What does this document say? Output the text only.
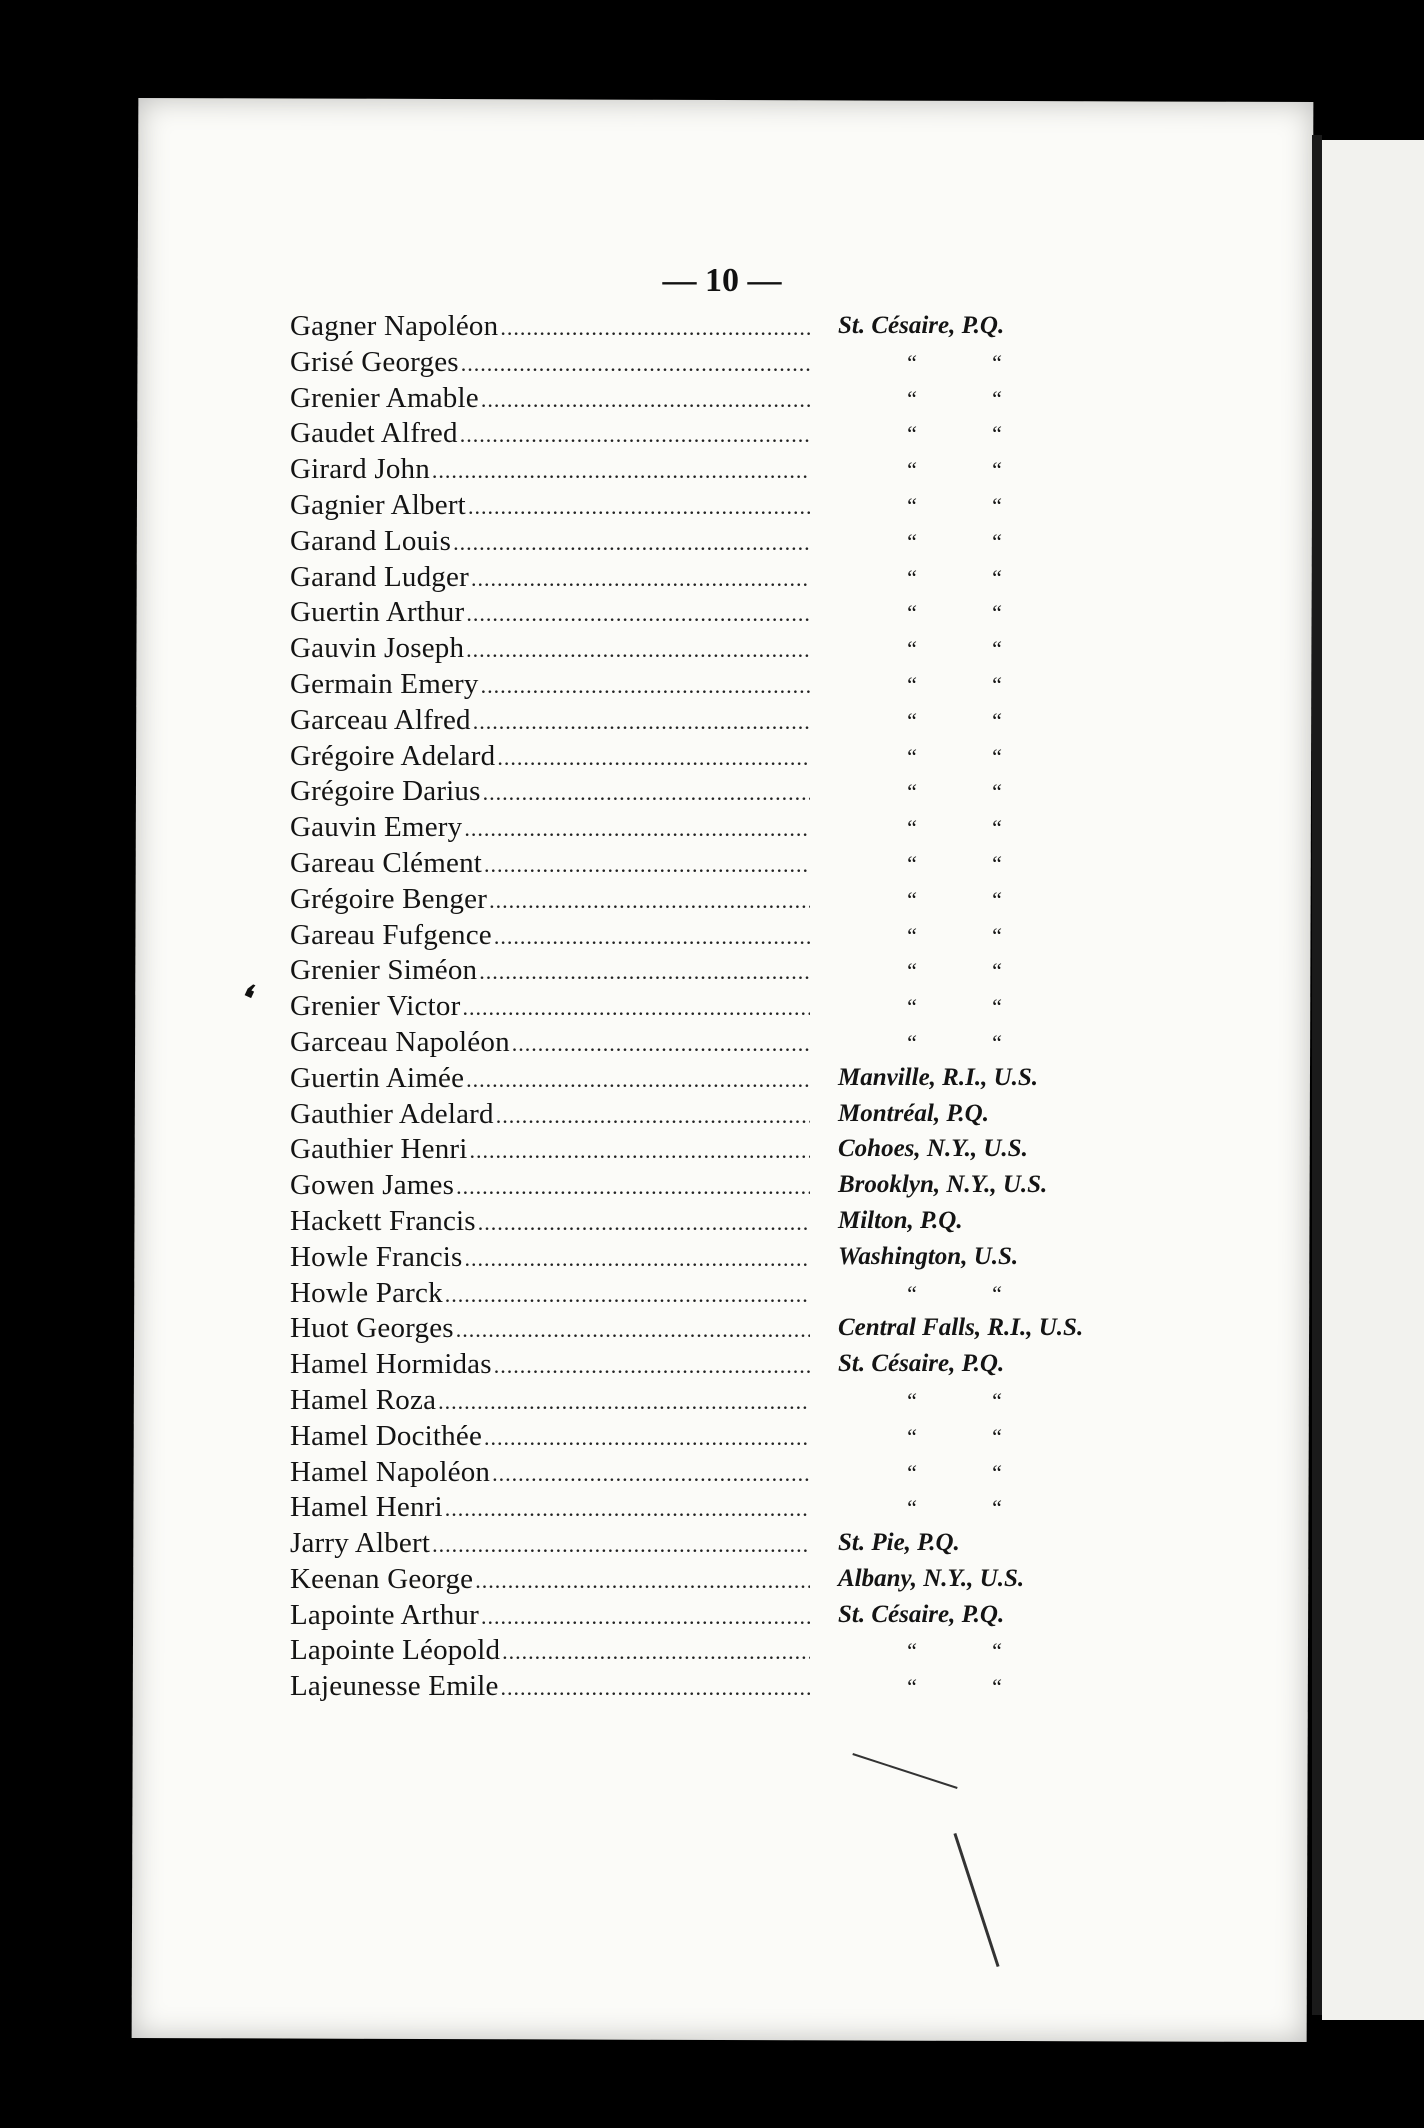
— 10 —
Gagner Napoléon .....	St. Césaire, P.Q.
Grisé Georges .....	“	“
Grenier Amable .....	“	“
Gaudet Alfred .....	“	“
Girard John .....	“	“
Gagnier Albert .....	“	“
Garand Louis .....	“	“
Garand Ludger .....	“	“
Guertin Arthur .....	“	“
Gauvin Joseph .....	“	“
Germain Emery .....	“	“
Garceau Alfred .....	“	“
Grégoire Adelard .....	“	“
Grégoire Darius .....	“	“
Gauvin Emery .....	“	“
Gareau Clément .....	“	“
Grégoire Benger .....	“	“
Gareau Fufgence .....	“	“
Grenier Siméon .....	“	“
Grenier Victor .....	“	“
Garceau Napoléon .....	“	“
Guertin Aimée .....	Manville, R.I., U.S.
Gauthier Adelard .....	Montréal, P.Q.
Gauthier Henri .....	Cohoes, N.Y., U.S.
Gowen James .....	Brooklyn, N.Y., U.S.
Hackett Francis .....	Milton, P.Q.
Howle Francis .....	Washington, U.S.
Howle Parck .....	“	“
Huot Georges .....	Central Falls, R.I., U.S.
Hamel Hormidas .....	St. Césaire, P.Q.
Hamel Roza .....	“	“
Hamel Docithée .....	“	“
Hamel Napoléon .....	“	“
Hamel Henri .....	“	“
Jarry Albert .....	St. Pie, P.Q.
Keenan George .....	Albany, N.Y., U.S.
Lapointe Arthur .....	St. Césaire, P.Q.
Lapointe Léopold .....	“	“
Lajeunesse Emile .....	“	“
❛
